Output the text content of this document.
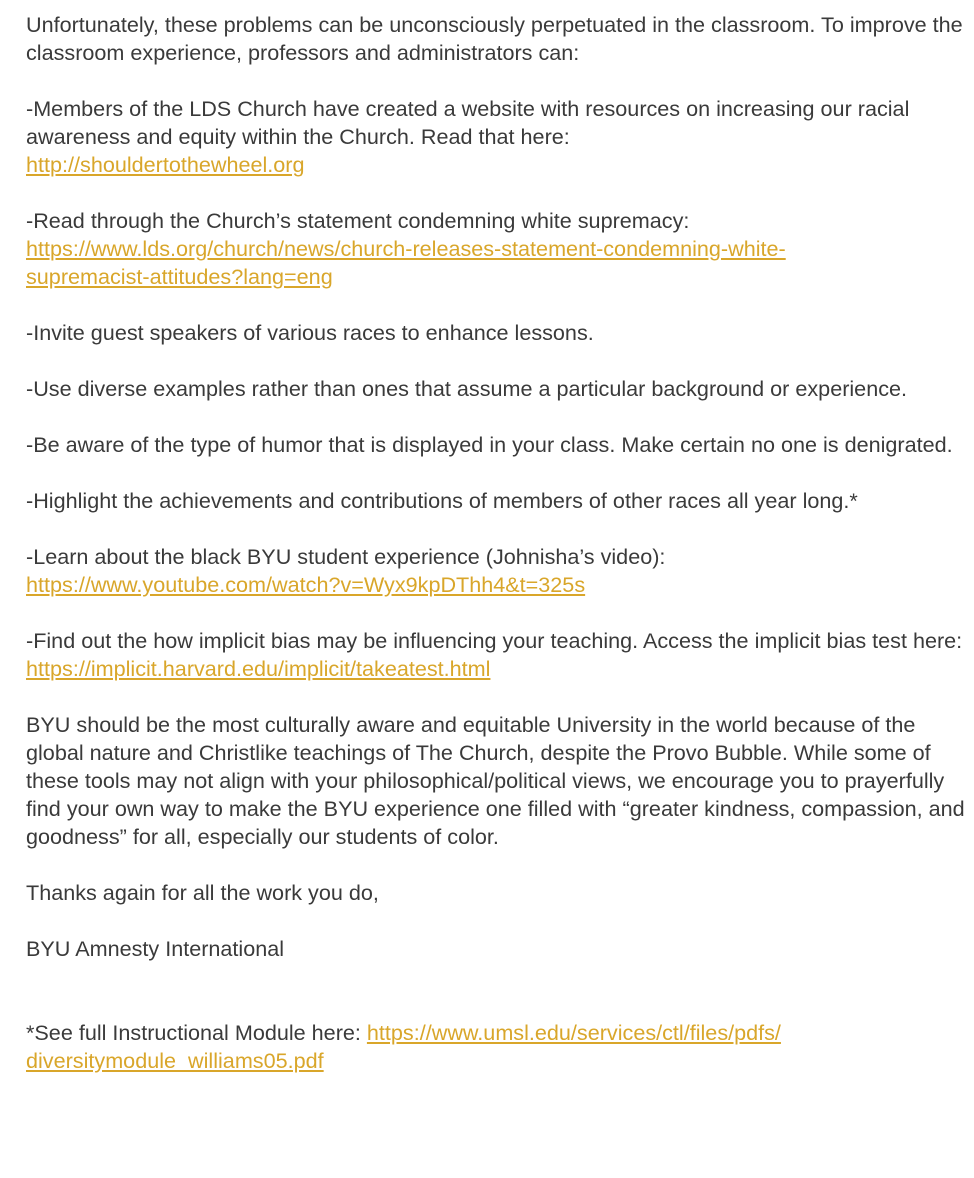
Unfortunately, these problems can be unconsciously perpetuated in the classroom. To improve the classroom experience, professors and administrators can:

-Members of the LDS Church have created a website with resources on increasing our racial awareness and equity within the Church. Read that here:
http://shouldertothewheel.org

-Read through the Church’s statement condemning white supremacy:
https://www.lds.org/church/news/church-releases-statement-condemning-white-
supremacist-attitudes?lang=eng

-Invite guest speakers of various races to enhance lessons.

-Use diverse examples rather than ones that assume a particular background or experience.

-Be aware of the type of humor that is displayed in your class. Make certain no one is denigrated.

-Highlight the achievements and contributions of members of other races all year long.*

-Learn about the black BYU student experience (Johnisha’s video):
https://www.youtube.com/watch?v=Wyx9kpDThh4&t=325s

-Find out the how implicit bias may be influencing your teaching. Access the implicit bias test here: https://implicit.harvard.edu/implicit/takeatest.html

BYU should be the most culturally aware and equitable University in the world because of the global nature and Christlike teachings of The Church, despite the Provo Bubble. While some of these tools may not align with your philosophical/political views, we encourage you to prayerfully find your own way to make the BYU experience one filled with “greater kindness, compassion, and goodness” for all, especially our students of color.

Thanks again for all the work you do,

BYU Amnesty International

*See full Instructional Module here: https://www.umsl.edu/services/ctl/files/pdfs/
diversitymodule_williams05.pdf
